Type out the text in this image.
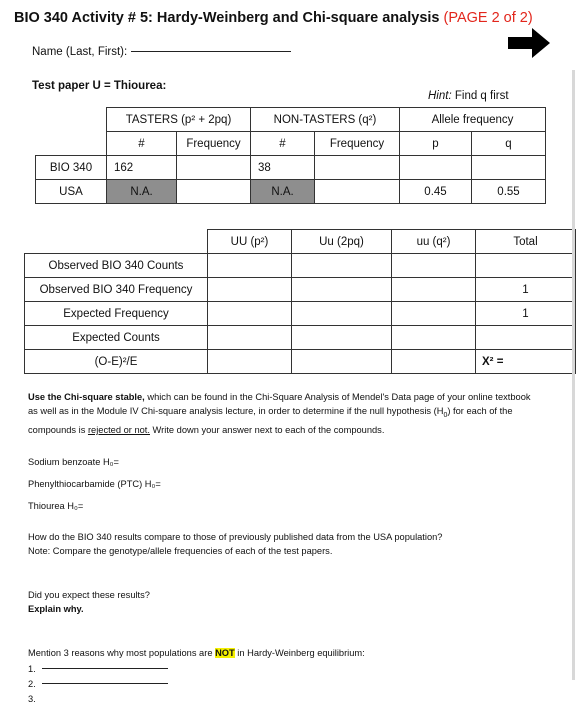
BIO 340 Activity # 5: Hardy-Weinberg and Chi-square analysis (PAGE 2 of 2)
Name (Last, First):
Test paper U = Thiourea:
Hint: Find q first
	TASTERS (p² + 2pq)		NON-TASTERS (q²)		Allele frequency	
	#	Frequency	#	Frequency	p	q
BIO 340	162		38			
USA	N.A.		N.A.		0.45	0.55
	UU (p²)	Uu (2pq)	uu (q²)	Total
Observed BIO 340 Counts				
Observed BIO 340 Frequency				1
Expected Frequency				1
Expected Counts				
(O-E)²/E				X² =
Use the Chi-square stable, which can be found in the Chi-Square Analysis of Mendel's Data page of your online textbook as well as in the Module IV Chi-square analysis lecture, in order to determine if the null hypothesis $(H_0)$ for each of the compounds is rejected or not. Write down your answer next to each of the compounds.
Sodium benzoate H₀=
Phenylthiocarbamide (PTC) H₀=
Thiourea H₀=
How do the BIO 340 results compare to those of previously published data from the USA population?
Note: Compare the genotype/allele frequencies of each of the test papers.
Did you expect these results?
Explain why.
Mention 3 reasons why most populations are NOT in Hardy-Weinberg equilibrium:
1.
2.
3.
